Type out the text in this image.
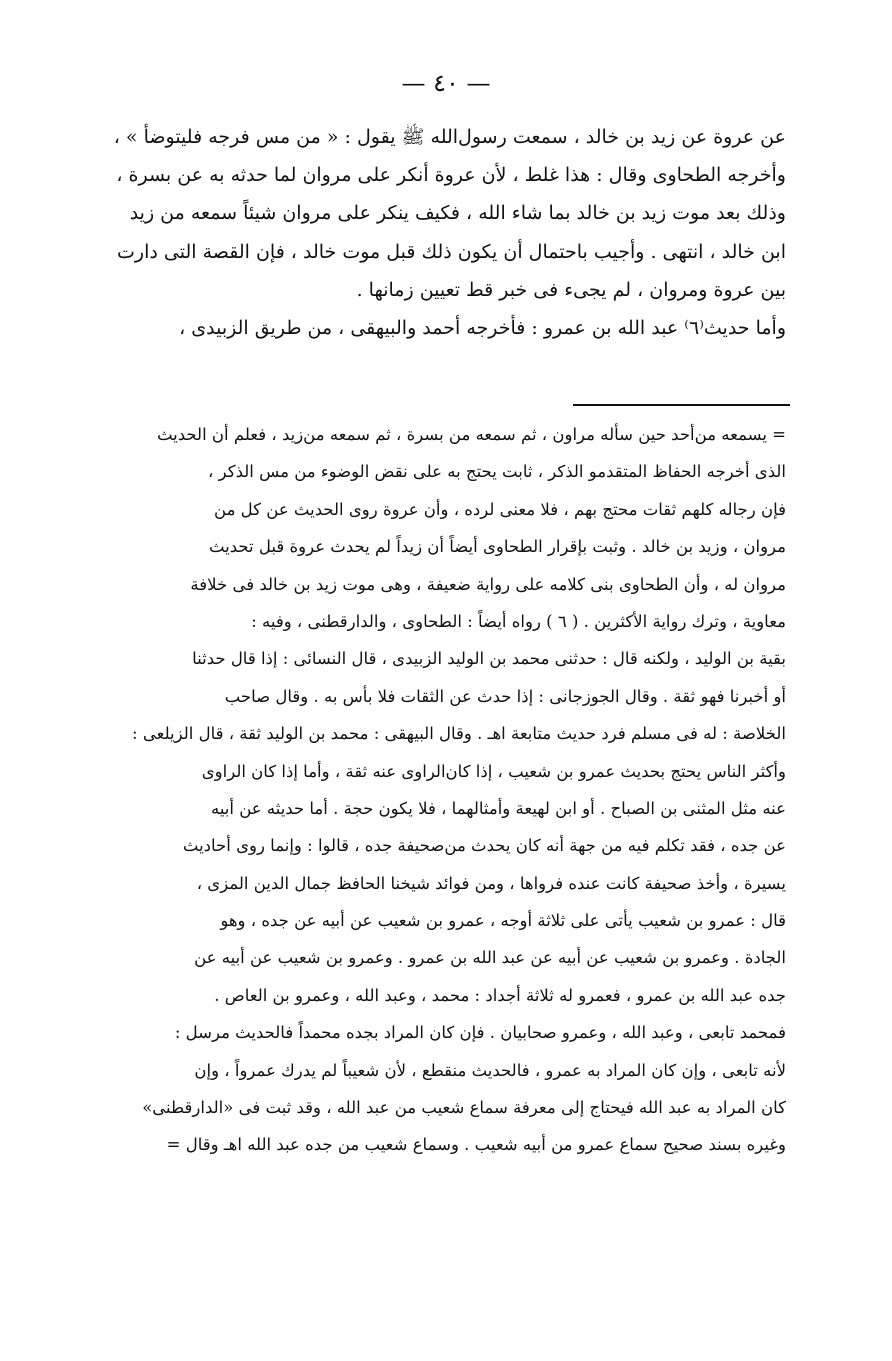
— ٤٠ —
عن عروة عن زيد بن خالد ، سمعت رسول‌الله ﷺ يقول : « من مس فرجه فليتوضأ » ،
وأخرجه الطحاوى وقال : هذا غلط ، لأن عروة أنكر على مروان لما حدثه به عن بسرة ،
وذلك بعد موت زيد بن خالد بما شاء الله ، فكيف ينكر على مروان شيئاً سمعه من زيد
ابن خالد ، انتهى . وأجيب باحتمال أن يكون ذلك قبل موت خالد ، فإن القصة التى دارت
بين عروة ومروان ، لم يجىء فى خبر قط تعيين زمانها .
وأما حديث⁽٦⁾ عبد الله بن عمرو : فأخرجه أحمد والبيهقى ، من طريق الزبيدى ،
= يسمعه من‌أحد حين سأله مراون ، ثم سمعه من بسرة ، ثم سمعه من‌زيد ، فعلم أن الحديث
الذى أخرجه الحفاظ المتقدمو الذكر ، ثابت يحتج به على نقض الوضوء من مس الذكر ،
فإن رجاله كلهم ثقات محتج بهم ، فلا معنى لرده ، وأن عروة روى الحديث عن كل من
مروان ، وزيد بن خالد . وثبت بإقرار الطحاوى أيضاً أن زيداً لم يحدث عروة قبل تحديث
مروان له ، وأن الطحاوى بنى كلامه على رواية ضعيفة ، وهى موت زيد بن خالد فى خلافة
معاوية ، وترك رواية الأكثرين . ( ٦ ) رواه أيضاً : الطحاوى ، والدارقطنى ، وفيه :
بقية بن الوليد ، ولكنه قال : حدثنى محمد بن الوليد الزبيدى ، قال النسائى : إذا قال حدثنا
أو أخبرنا فهو ثقة . وقال الجوزجانى : إذا حدث عن الثقات فلا بأس به . وقال صاحب
الخلاصة : له فى مسلم فرد حديث متابعة اهـ . وقال البيهقى : محمد بن الوليد ثقة ، قال الزيلعى :
وأكثر الناس يحتج بحديث عمرو بن شعيب ، إذا كان‌الراوى عنه ثقة ، وأما إذا كان الراوى
عنه مثل المثنى بن الصباح . أو ابن لهيعة وأمثالهما ، فلا يكون حجة . أما حديثه عن أبيه
عن جده ، فقد تكلم فيه من جهة أنه كان يحدث من‌صحيفة جده ، قالوا : وإنما روى أحاديث
يسيرة ، وأخذ صحيفة كانت عنده فرواها ، ومن فوائد شيخنا الحافظ جمال الدين المزى ،
قال : عمرو بن شعيب يأتى على ثلاثة أوجه ، عمرو بن شعيب عن أبيه عن جده ، وهو
الجادة . وعمرو بن شعيب عن أبيه عن عبد الله بن عمرو . وعمرو بن شعيب عن أبيه عن
جده عبد الله بن عمرو ، فعمرو له ثلاثة أجداد : محمد ، وعبد الله ، وعمرو بن العاص .
فمحمد تابعى ، وعبد الله ، وعمرو صحابيان . فإن كان المراد بجده محمداً فالحديث مرسل :
لأنه تابعى ، وإن كان المراد به عمرو ، فالحديث منقطع ، لأن شعيباً لم يدرك عمرواً ، وإن
كان المراد به عبد الله فيحتاج إلى معرفة سماع شعيب من عبد الله ، وقد ثبت فى «الدارقطنى»
وغيره بسند صحيح سماع عمرو من أبيه شعيب . وسماع شعيب من جده عبد الله اهـ وقال =
